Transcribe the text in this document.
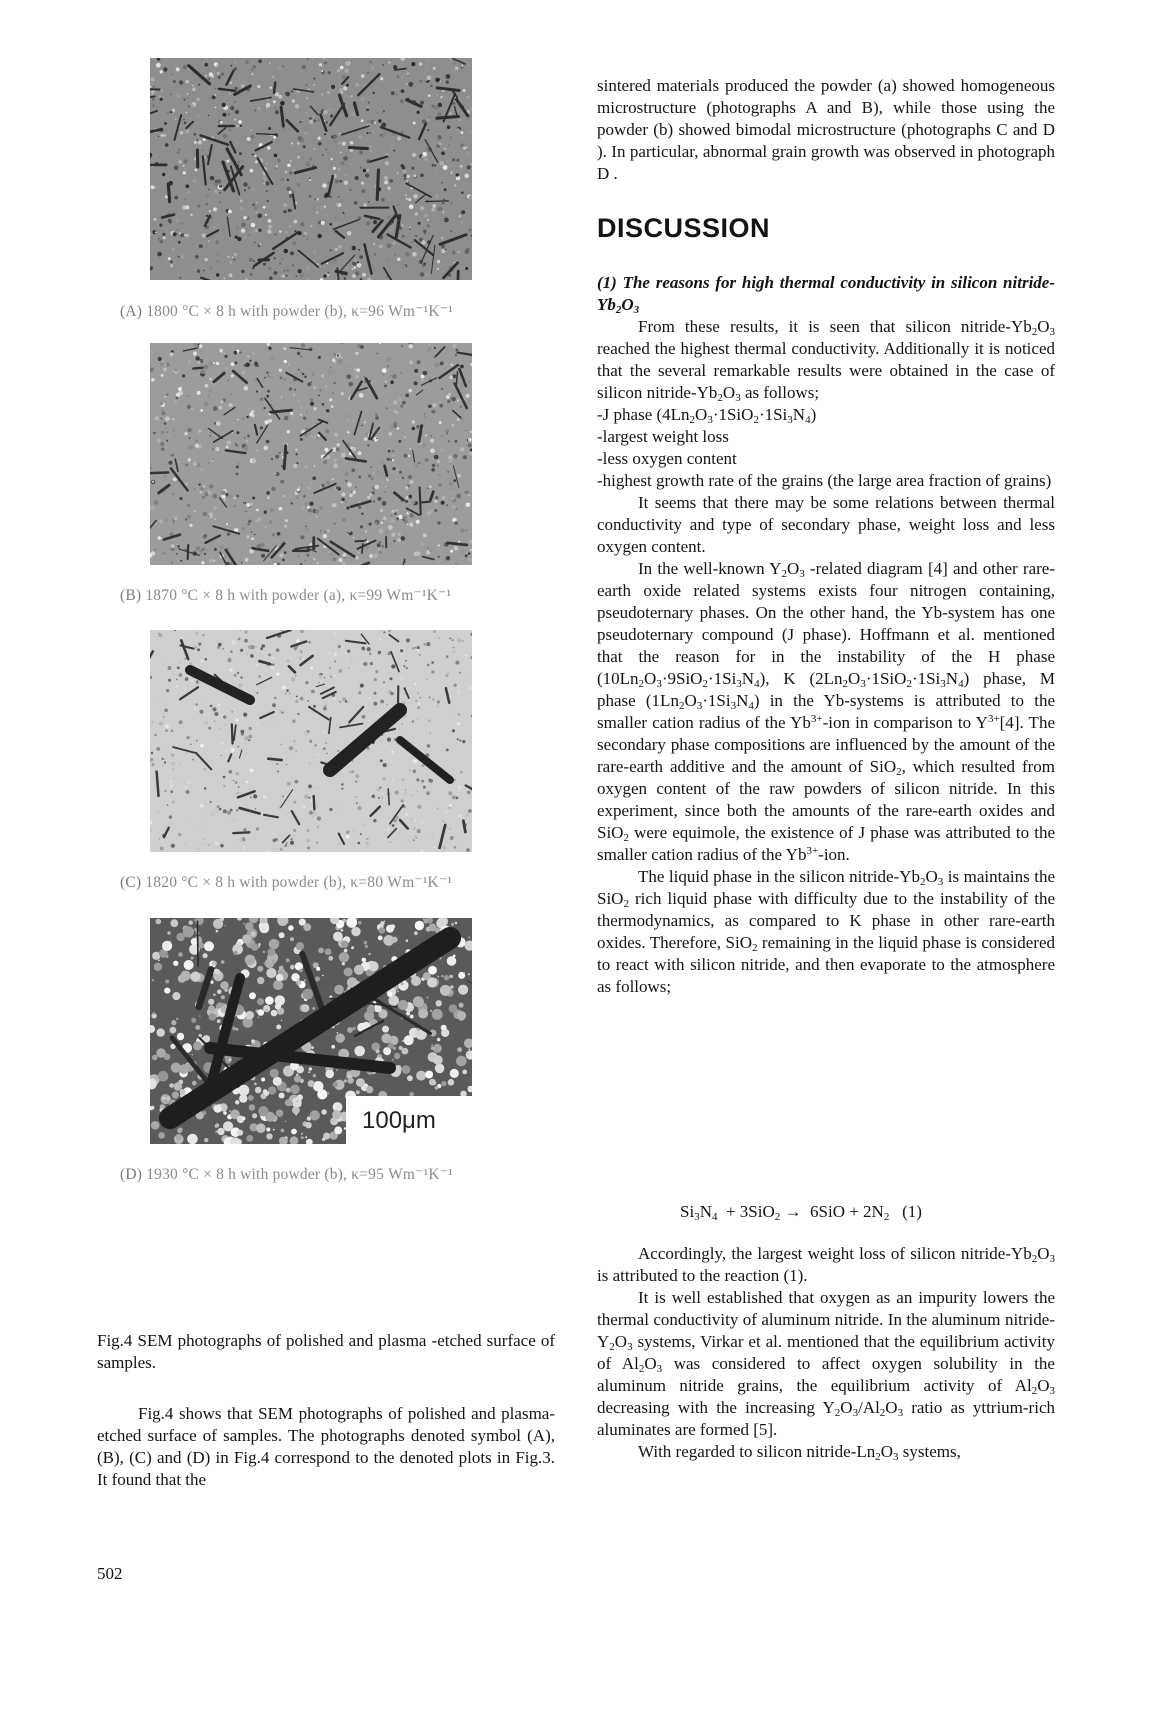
(A) 1800 °C × 8 h with powder (b), κ=96 Wm⁻¹K⁻¹
(B) 1870 °C × 8 h with powder (a), κ=99 Wm⁻¹K⁻¹
(C) 1820 °C × 8 h with powder (b), κ=80 Wm⁻¹K⁻¹
100μm
(D) 1930 °C × 8 h with powder (b), κ=95 Wm⁻¹K⁻¹
Fig.4 SEM photographs of polished and plasma -etched surface of samples.

Fig.4 shows that SEM photographs of polished and plasma-etched surface of samples. The photographs denoted symbol (A), (B), (C) and (D) in Fig.4 correspond to the denoted plots in Fig.3. It found that the

sintered materials produced the powder (a) showed homogeneous microstructure (photographs A and B), while those using the powder (b) showed bimodal microstructure (photographs C and D ). In particular, abnormal grain growth was observed in photograph D .

DISCUSSION

(1) The reasons for high thermal conductivity in silicon nitride-$Yb_2O_3$

From these results, it is seen that silicon nitride-$Yb_2O_3$ reached the highest thermal conductivity. Additionally it is noticed that the several remarkable results were obtained in the case of silicon nitride-$Yb_2O_3$ as follows;

-J phase $(4Ln_2O_3\cdot 1SiO_2\cdot 1Si_3N_4)$

-largest weight loss

-less oxygen content

-highest growth rate of the grains (the large area fraction of grains)

It seems that there may be some relations between thermal conductivity and type of secondary phase, weight loss and less oxygen content.

In the well-known $Y_2O_3$ -related diagram [4] and other rare-earth oxide related systems exists four nitrogen containing, pseudoternary phases. On the other hand, the Yb-system has one pseudoternary compound (J phase). Hoffmann et al. mentioned that the reason for in the instability of the H phase $(10Ln_2O_3\cdot 9SiO_2\cdot 1Si_3N_4)$, K $(2Ln_2O_3\cdot 1SiO_2\cdot 1Si_3N_4)$ phase, M phase $(1Ln_2O_3\cdot 1Si_3N_4)$ in the Yb-systems is attributed to the smaller cation radius of the $Yb^{3+}$-ion in comparison to $Y^{3+}[4]$. The secondary phase compositions are influenced by the amount of the rare-earth additive and the amount of SiO$_2$, which resulted from oxygen content of the raw powders of silicon nitride. In this experiment, since both the amounts of the rare-earth oxides and SiO$_2$ were equimole, the existence of J phase was attributed to the smaller cation radius of the $Yb^{3+}$-ion.

The liquid phase in the silicon nitride-$Yb_2O_3$ is maintains the SiO$_2$ rich liquid phase with difficulty due to the instability of the thermodynamics, as compared to K phase in other rare-earth oxides. Therefore, SiO$_2$ remaining in the liquid phase is considered to react with silicon nitride, and then evaporate to the atmosphere as follows;

$Si_3N_4 + 3SiO_2 \to 6SiO + 2N_2$   (1)

Accordingly, the largest weight loss of silicon nitride-$Yb_2O_3$ is attributed to the reaction (1).

It is well established that oxygen as an impurity lowers the thermal conductivity of aluminum nitride. In the aluminum nitride-$Y_2O_3$ systems, Virkar et al. mentioned that the equilibrium activity of $Al_2O_3$ was considered to affect oxygen solubility in the aluminum nitride grains, the equilibrium activity of $Al_2O_3$ decreasing with the increasing $Y_2O_3/Al_2O_3$ ratio as yttrium-rich aluminates are formed [5].

With regarded to silicon nitride-$Ln_2O_3$ systems,

502
